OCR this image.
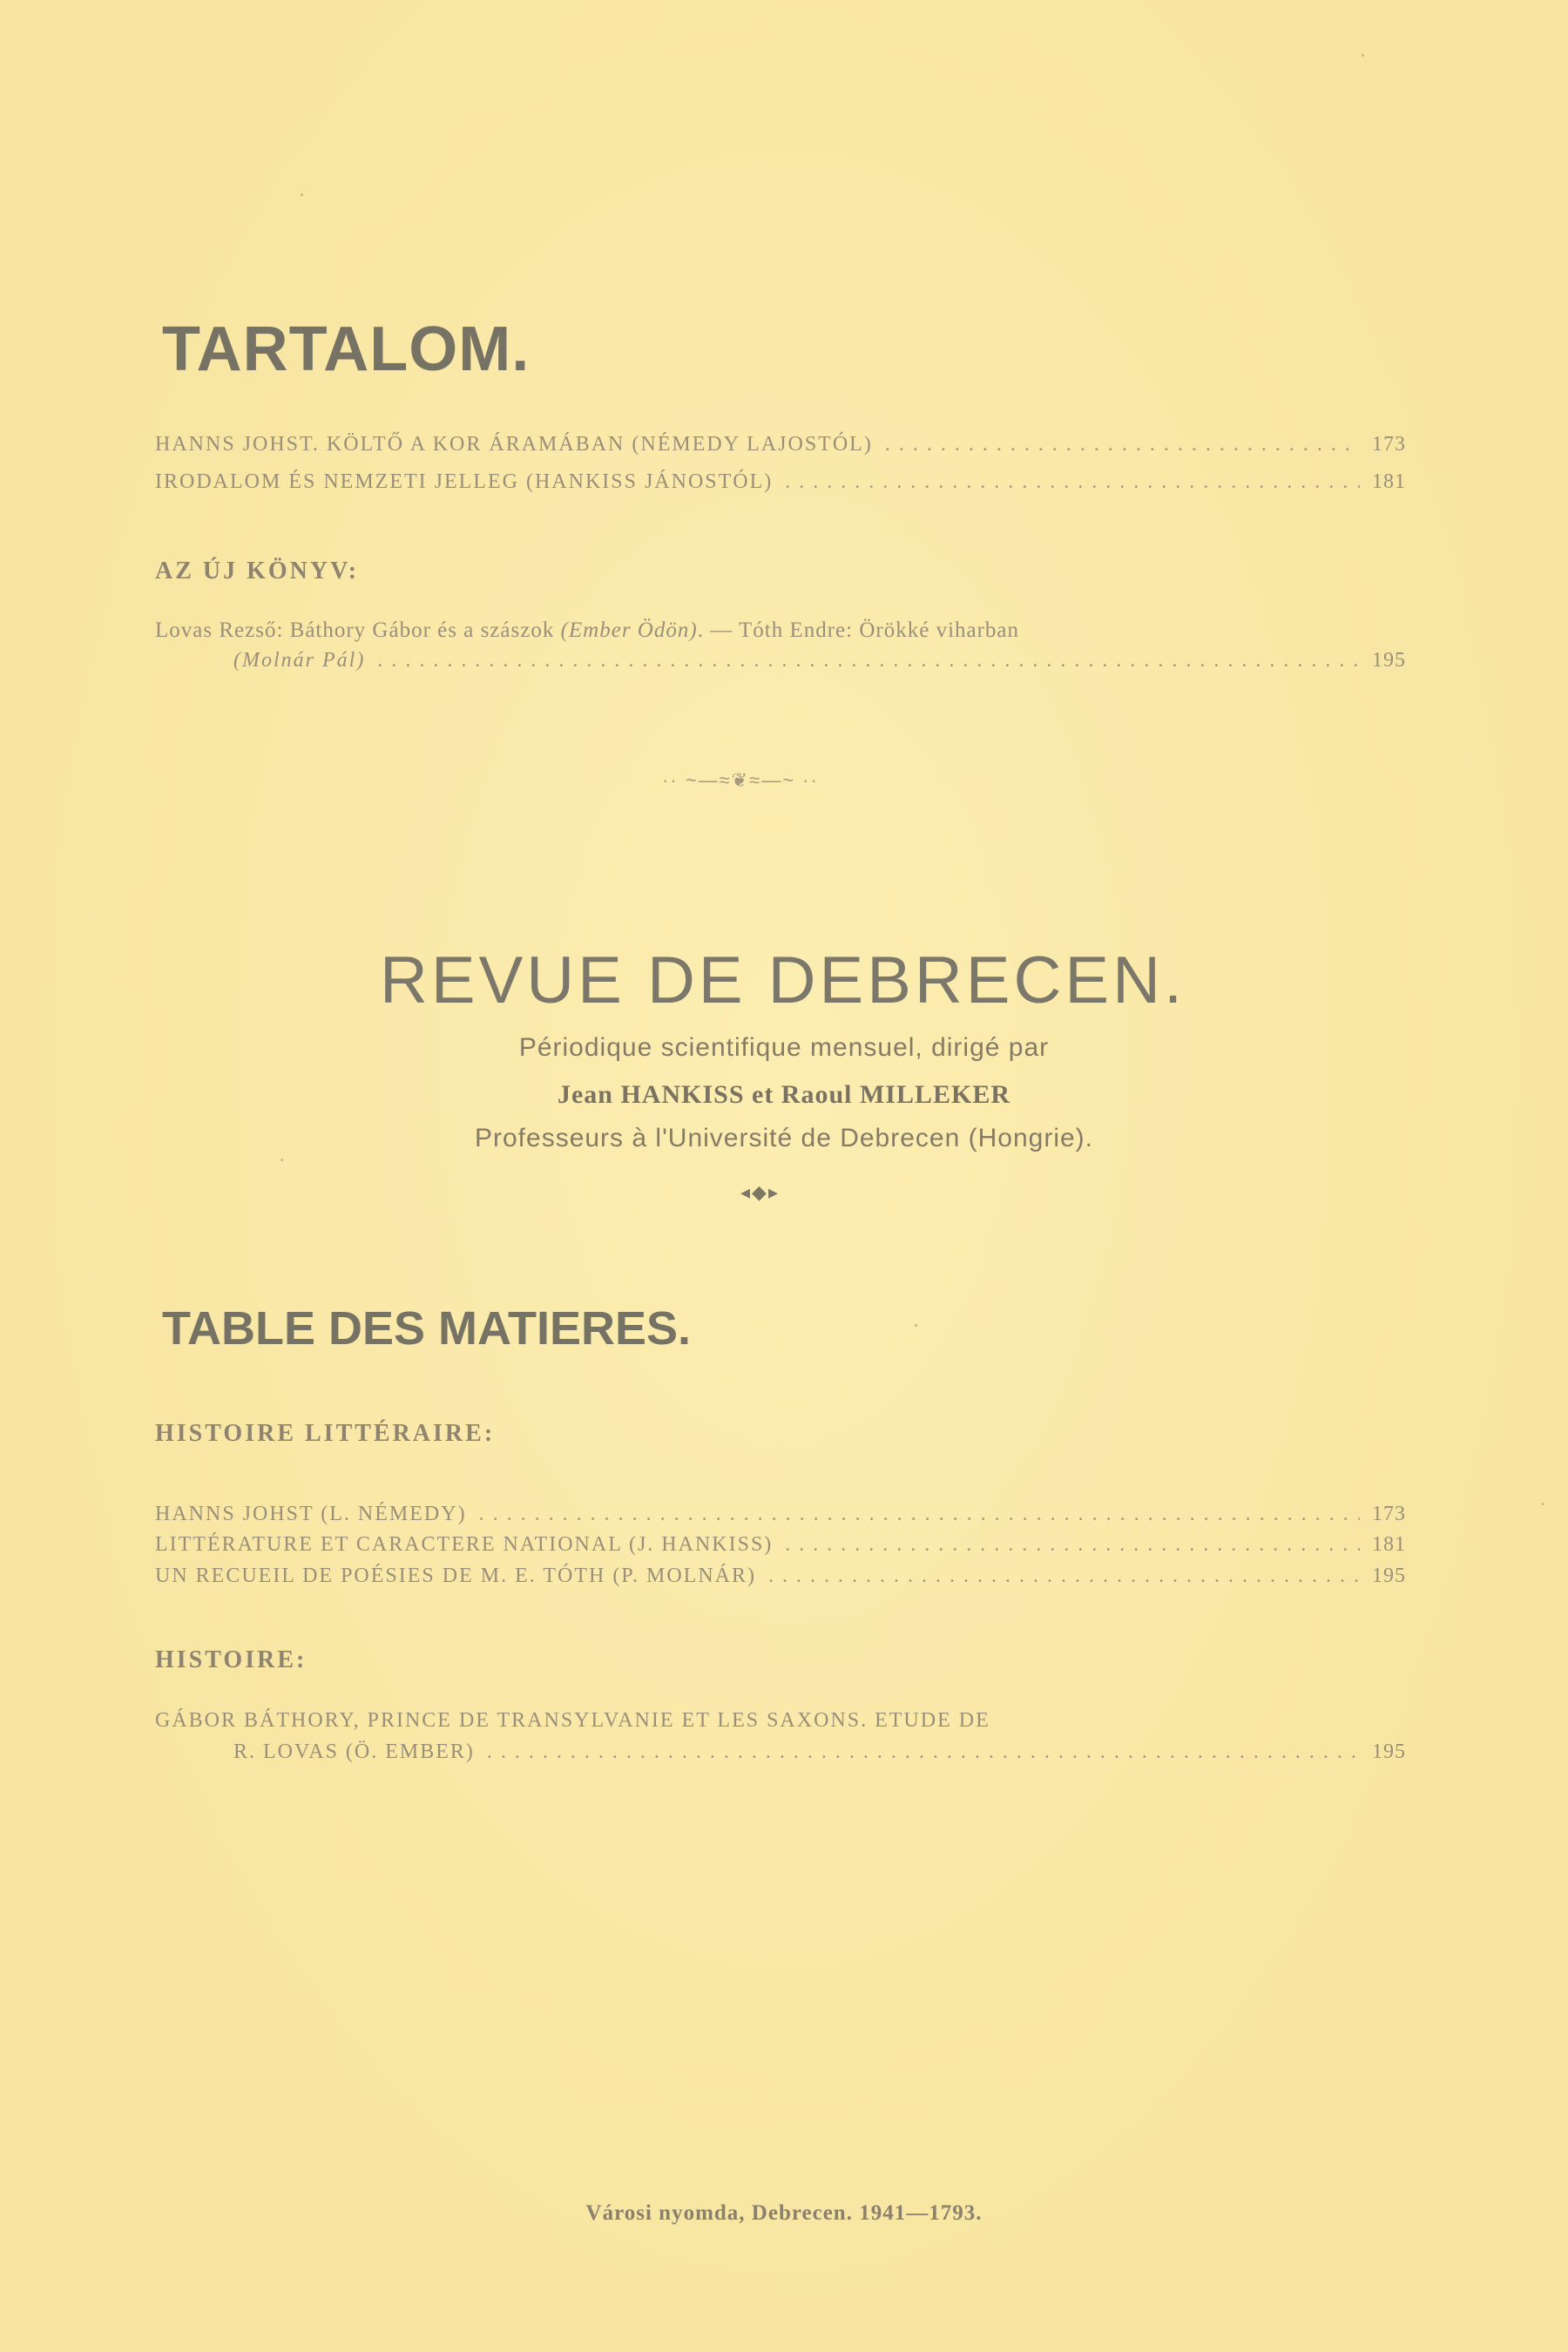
TARTALOM.
HANNS JOHST. KÖLTŐ A KOR ÁRAMÁBAN (NÉMEDY LAJOSTÓL) . . .	173
IRODALOM ÉS NEMZETI JELLEG (HANKISS JÁNOSTÓL) . . .	181
AZ ÚJ KÖNYV:
Lovas Rezső: Báthory Gábor és a szászok (Ember Ödön). — Tóth Endre: Örökké viharban
(Molnár Pál) . . .	195
·· ~—≈❦≈—~ ··
REVUE DE DEBRECEN.
Périodique scientifique mensuel, dirigé par
Jean HANKISS et Raoul MILLEKER
Professeurs à l'Université de Debrecen (Hongrie).
◂◆▸
TABLE DES MATIERES.
HISTOIRE LITTÉRAIRE:
HANNS JOHST (L. NÉMEDY) . . .	173
LITTÉRATURE ET CARACTERE NATIONAL (J. HANKISS) . . .	181
UN RECUEIL DE POÉSIES DE M. E. TÓTH (P. MOLNÁR) . . .	195
HISTOIRE:
GÁBOR BÁTHORY, PRINCE DE TRANSYLVANIE ET LES SAXONS. ETUDE DE
R. LOVAS (Ö. EMBER) . . .	195
Városi nyomda, Debrecen. 1941—1793.
